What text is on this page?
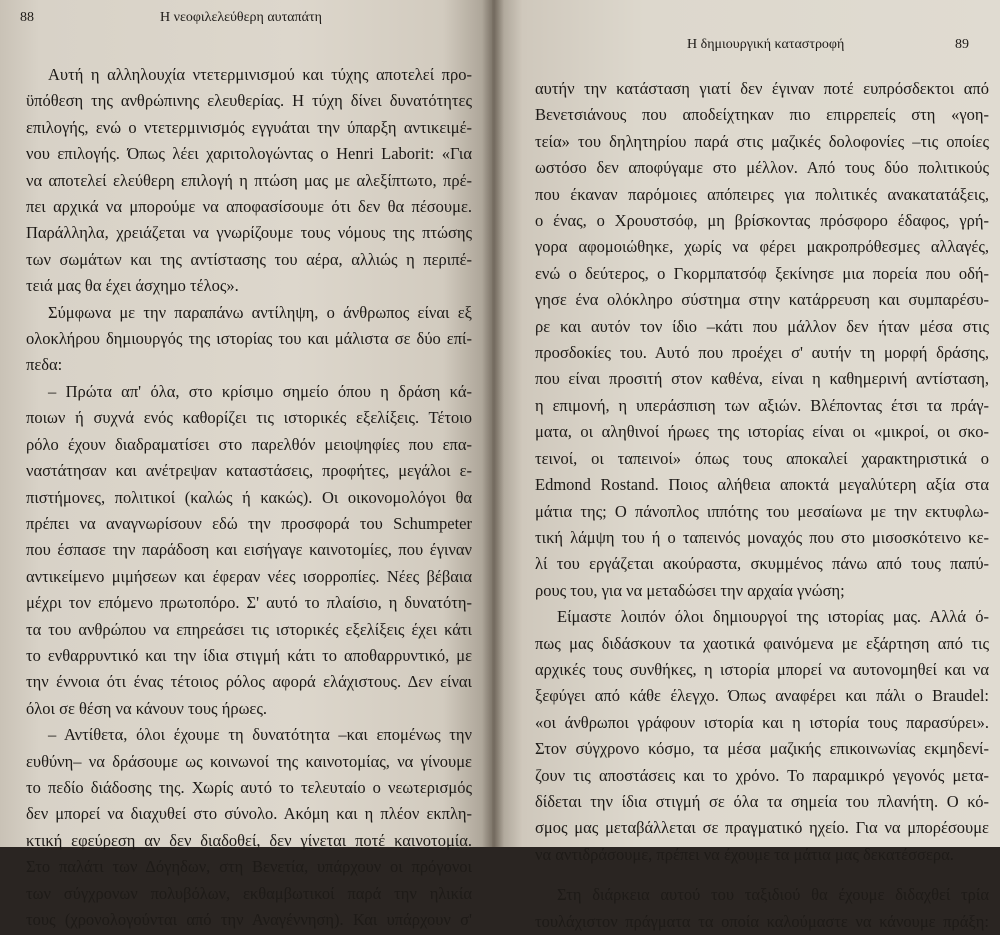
88	Η νεοφιλελεύθερη αυταπάτη
Αυτή η αλληλουχία ντετερμινισμού και τύχης αποτελεί προ-
ϋπόθεση της ανθρώπινης ελευθερίας. Η τύχη δίνει δυνατότητες
επιλογής, ενώ ο ντετερμινισμός εγγυάται την ύπαρξη αντικειμέ-
νου επιλογής. Όπως λέει χαριτολογώντας ο Henri Laborit: «Για
να αποτελεί ελεύθερη επιλογή η πτώση μας με αλεξίπτωτο, πρέ-
πει αρχικά να μπορούμε να αποφασίσουμε ότι δεν θα πέσουμε.
Παράλληλα, χρειάζεται να γνωρίζουμε τους νόμους της πτώσης
των σωμάτων και της αντίστασης του αέρα, αλλιώς η περιπέ-
τειά μας θα έχει άσχημο τέλος».
Σύμφωνα με την παραπάνω αντίληψη, ο άνθρωπος είναι εξ
ολοκλήρου δημιουργός της ιστορίας του και μάλιστα σε δύο επί-
πεδα:
– Πρώτα απ' όλα, στο κρίσιμο σημείο όπου η δράση κά-
ποιων ή συχνά ενός καθορίζει τις ιστορικές εξελίξεις. Τέτοιο
ρόλο έχουν διαδραματίσει στο παρελθόν μειοψηφίες που επα-
ναστάτησαν και ανέτρεψαν καταστάσεις, προφήτες, μεγάλοι ε-
πιστήμονες, πολιτικοί (καλώς ή κακώς). Οι οικονομολόγοι θα
πρέπει να αναγνωρίσουν εδώ την προσφορά του Schumpeter
που έσπασε την παράδοση και εισήγαγε καινοτομίες, που έγιναν
αντικείμενο μιμήσεων και έφεραν νέες ισορροπίες. Νέες βέβαια
μέχρι τον επόμενο πρωτοπόρο. Σ' αυτό το πλαίσιο, η δυνατότη-
τα του ανθρώπου να επηρεάσει τις ιστορικές εξελίξεις έχει κάτι
το ενθαρρυντικό και την ίδια στιγμή κάτι το αποθαρρυντικό, με
την έννοια ότι ένας τέτοιος ρόλος αφορά ελάχιστους. Δεν είναι
όλοι σε θέση να κάνουν τους ήρωες.
– Αντίθετα, όλοι έχουμε τη δυνατότητα –και επομένως την
ευθύνη– να δράσουμε ως κοινωνοί της καινοτομίας, να γίνουμε
το πεδίο διάδοσης της. Χωρίς αυτό το τελευταίο ο νεωτερισμός
δεν μπορεί να διαχυθεί στο σύνολο. Ακόμη και η πλέον εκπλη-
κτική εφεύρεση αν δεν διαδοθεί, δεν γίνεται ποτέ καινοτομία.
Στο παλάτι των Δόγηδων, στη Βενετία, υπάρχουν οι πρόγονοι
των σύγχρονων πολυβόλων, εκθαμβωτικοί παρά την ηλικία
τους (χρονολογούνται από την Αναγέννηση). Και υπάρχουν σ'
Η δημιουργική καταστροφή	89
αυτήν την κατάσταση γιατί δεν έγιναν ποτέ ευπρόσδεκτοι από
Βενετσιάνους που αποδείχτηκαν πιο επιρρεπείς στη «γοη-
τεία» του δηλητηρίου παρά στις μαζικές δολοφονίες –τις οποίες
ωστόσο δεν αποφύγαμε στο μέλλον. Από τους δύο πολιτικούς
που έκαναν παρόμοιες απόπειρες για πολιτικές ανακατατάξεις,
ο ένας, ο Χρουστσόφ, μη βρίσκοντας πρόσφορο έδαφος, γρή-
γορα αφομοιώθηκε, χωρίς να φέρει μακροπρόθεσμες αλλαγές,
ενώ ο δεύτερος, ο Γκορμπατσόφ ξεκίνησε μια πορεία που οδή-
γησε ένα ολόκληρο σύστημα στην κατάρρευση και συμπαρέσυ-
ρε και αυτόν τον ίδιο –κάτι που μάλλον δεν ήταν μέσα στις
προσδοκίες του. Αυτό που προέχει σ' αυτήν τη μορφή δράσης,
που είναι προσιτή στον καθένα, είναι η καθημερινή αντίσταση,
η επιμονή, η υπεράσπιση των αξιών. Βλέποντας έτσι τα πράγ-
ματα, οι αληθινοί ήρωες της ιστορίας είναι οι «μικροί, οι σκο-
τεινοί, οι ταπεινοί» όπως τους αποκαλεί χαρακτηριστικά ο
Edmond Rostand. Ποιος αλήθεια αποκτά μεγαλύτερη αξία στα
μάτια της; Ο πάνοπλος ιππότης του μεσαίωνα με την εκτυφλω-
τική λάμψη του ή ο ταπεινός μοναχός που στο μισοσκότεινο κε-
λί του εργάζεται ακούραστα, σκυμμένος πάνω από τους παπύ-
ρους του, για να μεταδώσει την αρχαία γνώση;
Είμαστε λοιπόν όλοι δημιουργοί της ιστορίας μας. Αλλά ό-
πως μας διδάσκουν τα χαοτικά φαινόμενα με εξάρτηση από τις
αρχικές τους συνθήκες, η ιστορία μπορεί να αυτονομηθεί και να
ξεφύγει από κάθε έλεγχο. Όπως αναφέρει και πάλι ο Braudel:
«οι άνθρωποι γράφουν ιστορία και η ιστορία τους παρασύρει».
Στον σύγχρονο κόσμο, τα μέσα μαζικής επικοινωνίας εκμηδενί-
ζουν τις αποστάσεις και το χρόνο. Το παραμικρό γεγονός μετα-
δίδεται την ίδια στιγμή σε όλα τα σημεία του πλανήτη. Ο κό-
σμος μας μεταβάλλεται σε πραγματικό ηχείο. Για να μπορέσουμε
να αντιδράσουμε, πρέπει να έχουμε τα μάτια μας δεκατέσσερα.
Στη διάρκεια αυτού του ταξιδιού θα έχουμε διδαχθεί τρία
τουλάχιστον πράγματα τα οποία καλούμαστε να κάνουμε πράξη:
